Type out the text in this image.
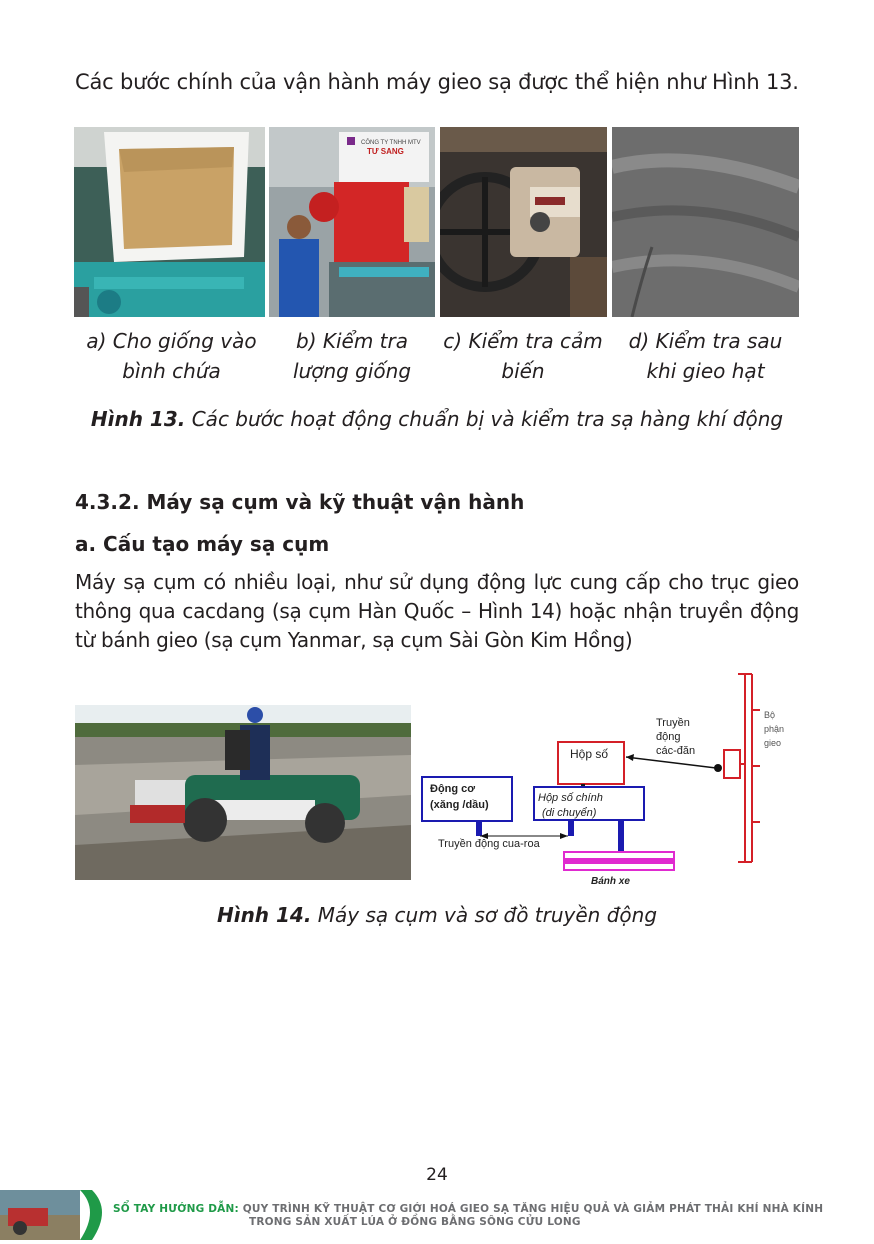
Các bước chính của vận hành máy gieo sạ được thể hiện như Hình 13.
CÔNG TY TNHH MTV
TƯ SANG
a) Cho giống vào
bình chứa
b) Kiểm tra
lượng giống
c) Kiểm tra cảm
biến
d) Kiểm tra sau
khi gieo hạt
Hình 13. Các bước hoạt động chuẩn bị và kiểm tra sạ hàng khí động
4.3.2. Máy sạ cụm và kỹ thuật vận hành
a. Cấu tạo máy sạ cụm
Máy sạ cụm có nhiều loại, như sử dụng động lực cung cấp cho trục gieo thông qua cacdang (sạ cụm Hàn Quốc – Hình 14) hoặc nhận truyền động từ bánh gieo (sạ cụm Yanmar, sạ cụm Sài Gòn Kim Hồng)
Hộp số
Hộp số chính
(di chuyển)
Động cơ
(xăng /dầu)
Truyền động cua-roa
Bánh xe
Truyền
động
các-đăn
Bộ
phận
gieo
Hình 14. Máy sạ cụm và sơ đồ truyền động
24
SỔ TAY HƯỚNG DẪN: QUY TRÌNH KỸ THUẬT CƠ GIỚI HOÁ GIEO SẠ TĂNG HIỆU QUẢ VÀ GIẢM PHÁT THẢI KHÍ NHÀ KÍNH
TRONG SẢN XUẤT LÚA Ở ĐỒNG BẰNG SÔNG CỬU LONG
